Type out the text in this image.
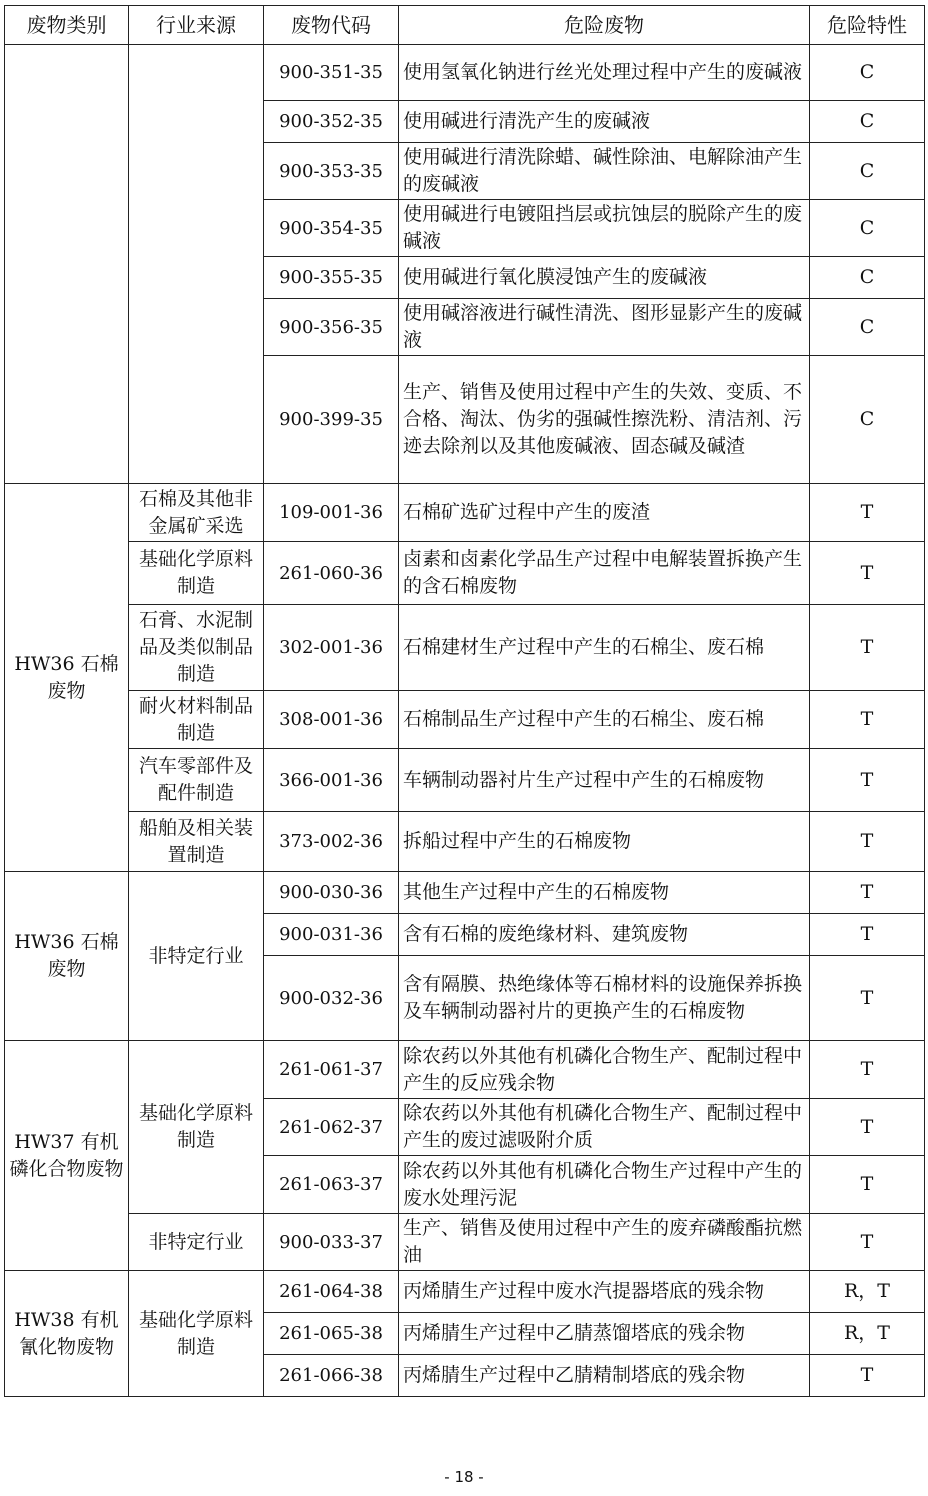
废物类别	行业来源	废物代码	危险废物	危险特性
		900-351-35	使用氢氧化钠进行丝光处理过程中产生的废碱液	C
		900-352-35	使用碱进行清洗产生的废碱液	C
		900-353-35	使用碱进行清洗除蜡、碱性除油、电解除油产生的废碱液	C
		900-354-35	使用碱进行电镀阻挡层或抗蚀层的脱除产生的废碱液	C
		900-355-35	使用碱进行氧化膜浸蚀产生的废碱液	C
		900-356-35	使用碱溶液进行碱性清洗、图形显影产生的废碱液	C
		900-399-35	生产、销售及使用过程中产生的失效、变质、不合格、淘汰、伪劣的强碱性擦洗粉、清洁剂、污迹去除剂以及其他废碱液、固态碱及碱渣	C
HW36 石棉废物	石棉及其他非金属矿采选	109-001-36	石棉矿选矿过程中产生的废渣	T
	基础化学原料制造	261-060-36	卤素和卤素化学品生产过程中电解装置拆换产生的含石棉废物	T
	石膏、水泥制品及类似制品制造	302-001-36	石棉建材生产过程中产生的石棉尘、废石棉	T
	耐火材料制品制造	308-001-36	石棉制品生产过程中产生的石棉尘、废石棉	T
	汽车零部件及配件制造	366-001-36	车辆制动器衬片生产过程中产生的石棉废物	T
	船舶及相关装置制造	373-002-36	拆船过程中产生的石棉废物	T
HW36 石棉废物	非特定行业	900-030-36	其他生产过程中产生的石棉废物	T
		900-031-36	含有石棉的废绝缘材料、建筑废物	T
		900-032-36	含有隔膜、热绝缘体等石棉材料的设施保养拆换及车辆制动器衬片的更换产生的石棉废物	T
HW37 有机磷化合物废物	基础化学原料制造	261-061-37	除农药以外其他有机磷化合物生产、配制过程中产生的反应残余物	T
		261-062-37	除农药以外其他有机磷化合物生产、配制过程中产生的废过滤吸附介质	T
		261-063-37	除农药以外其他有机磷化合物生产过程中产生的废水处理污泥	T
	非特定行业	900-033-37	生产、销售及使用过程中产生的废弃磷酸酯抗燃油	T
HW38 有机氰化物废物	基础化学原料制造	261-064-38	丙烯腈生产过程中废水汽提器塔底的残余物	R，T
		261-065-38	丙烯腈生产过程中乙腈蒸馏塔底的残余物	R，T
		261-066-38	丙烯腈生产过程中乙腈精制塔底的残余物	T
- 18 -
